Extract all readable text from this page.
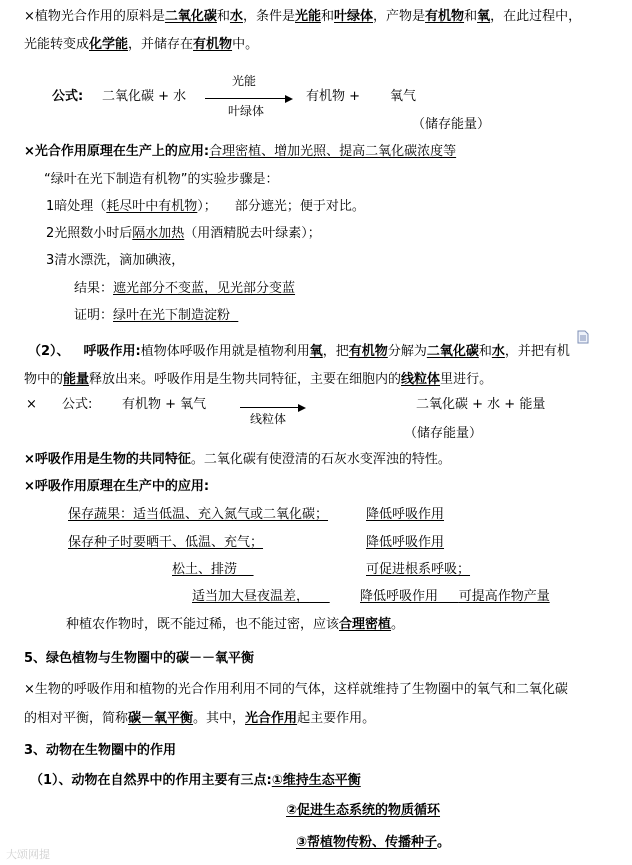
×植物光合作用的原料是二氧化碳和水，条件是光能和叶绿体，产物是有机物和氧，在此过程中，
光能转变成化学能，并储存在有机物中。
公式: 二氧化碳 + 水
光能
叶绿体
有机物 + 氧气
（储存能量）
×光合作用原理在生产上的应用:合理密植、增加光照、提高二氧化碳浓度等
“绿叶在光下制造有机物”的实验步骤是：
1暗处理（耗尽叶中有机物）； 部分遮光；便于对比。
2光照数小时后隔水加热（用酒精脱去叶绿素）；
3清水漂洗，滴加碘液，
结果：遮光部分不变蓝，见光部分变蓝
证明：绿叶在光下制造淀粉
（2）、 呼吸作用:植物体呼吸作用就是植物利用氧，把有机物分解为二氧化碳和水，并把有机
物中的能量释放出来。呼吸作用是生物共同特征，主要在细胞内的线粒体里进行。
× 公式: 有机物 + 氧气
线粒体
二氧化碳 + 水 + 能量
（储存能量）
×呼吸作用是生物的共同特征。二氧化碳有使澄清的石灰水变浑浊的特性。
×呼吸作用原理在生产中的应用:
保存蔬果：适当低温、充入氮气或二氧化碳；	降低呼吸作用
保存种子时要晒干、低温、充气；	降低呼吸作用
松土、排涝	可促进根系呼吸；
适当加大昼夜温差，	降低呼吸作用 可提高作物产量
种植农作物时，既不能过稀，也不能过密，应该合理密植。
5、绿色植物与生物圈中的碳－－氧平衡
×生物的呼吸作用和植物的光合作用利用不同的气体，这样就维持了生物圈中的氧气和二氧化碳
的相对平衡，简称碳－氧平衡。其中，光合作用起主要作用。
3、动物在生物圈中的作用
（1）、动物在自然界中的作用主要有三点:①维持生态平衡
②促进生态系统的物质循环
③帮植物传粉、传播种子。
大颂网提
